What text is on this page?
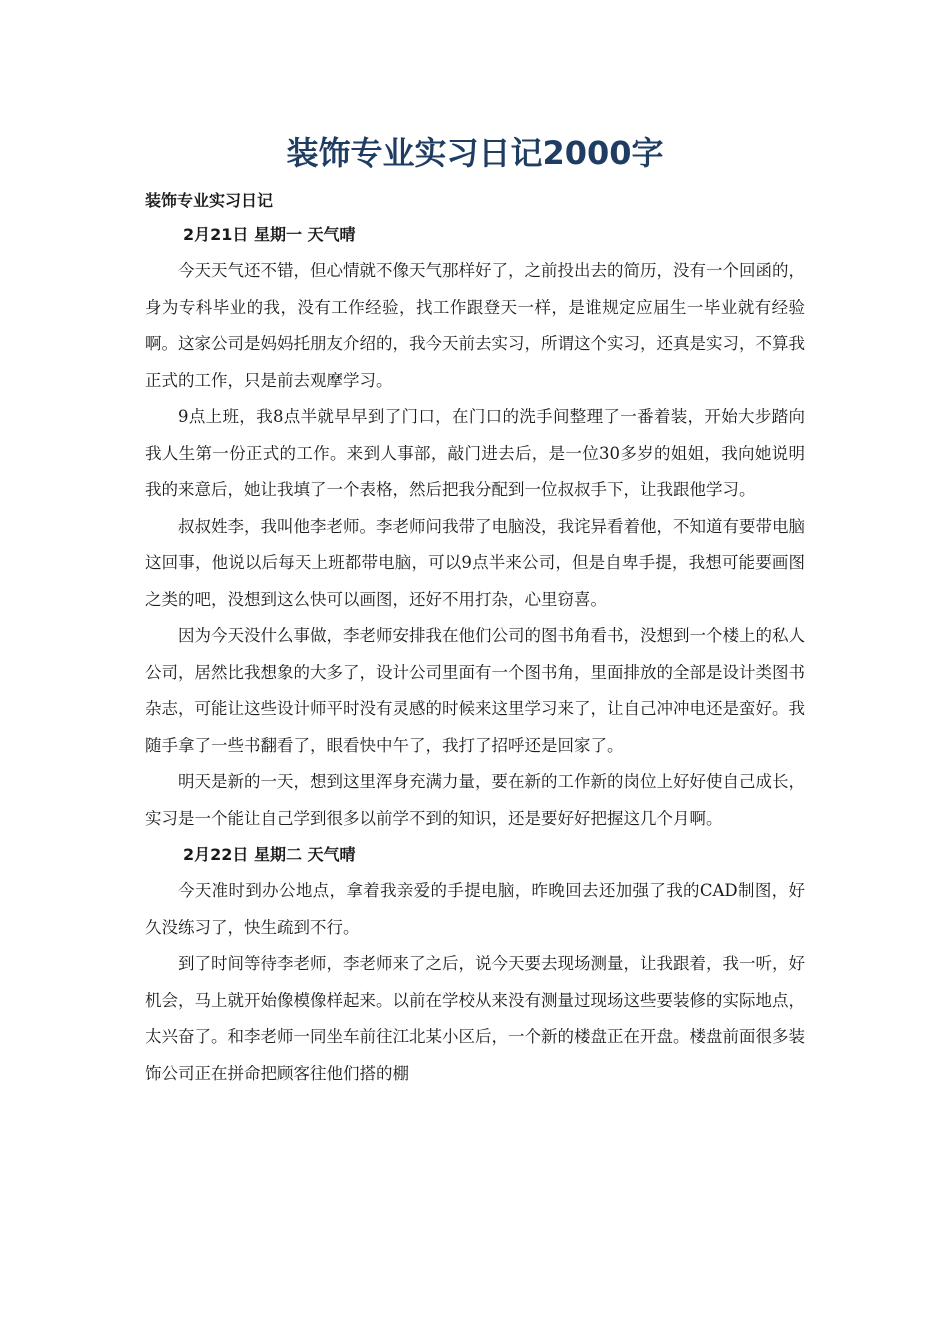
装饰专业实习日记2000字

装饰专业实习日记

2月21日 星期一 天气晴

今天天气还不错，但心情就不像天气那样好了，之前投出去的简历，没有一个回函的，身为专科毕业的我，没有工作经验，找工作跟登天一样，是谁规定应届生一毕业就有经验啊。这家公司是妈妈托朋友介绍的，我今天前去实习，所谓这个实习，还真是实习，不算我正式的工作，只是前去观摩学习。

9点上班，我8点半就早早到了门口，在门口的洗手间整理了一番着装，开始大步踏向我人生第一份正式的工作。来到人事部，敲门进去后，是一位30多岁的姐姐，我向她说明我的来意后，她让我填了一个表格，然后把我分配到一位叔叔手下，让我跟他学习。

叔叔姓李，我叫他李老师。李老师问我带了电脑没，我诧异看着他，不知道有要带电脑这回事，他说以后每天上班都带电脑，可以9点半来公司，但是自卑手提，我想可能要画图之类的吧，没想到这么快可以画图，还好不用打杂，心里窃喜。

因为今天没什么事做，李老师安排我在他们公司的图书角看书，没想到一个楼上的私人公司，居然比我想象的大多了，设计公司里面有一个图书角，里面排放的全部是设计类图书杂志，可能让这些设计师平时没有灵感的时候来这里学习来了，让自己冲冲电还是蛮好。我随手拿了一些书翻看了，眼看快中午了，我打了招呼还是回家了。

明天是新的一天，想到这里浑身充满力量，要在新的工作新的岗位上好好使自己成长，实习是一个能让自己学到很多以前学不到的知识，还是要好好把握这几个月啊。

2月22日 星期二 天气晴

今天准时到办公地点，拿着我亲爱的手提电脑，昨晚回去还加强了我的CAD制图，好久没练习了，快生疏到不行。

到了时间等待李老师，李老师来了之后，说今天要去现场测量，让我跟着，我一听，好机会，马上就开始像模像样起来。以前在学校从来没有测量过现场这些要装修的实际地点，太兴奋了。和李老师一同坐车前往江北某小区后，一个新的楼盘正在开盘。楼盘前面很多装饰公司正在拼命把顾客往他们搭的棚
